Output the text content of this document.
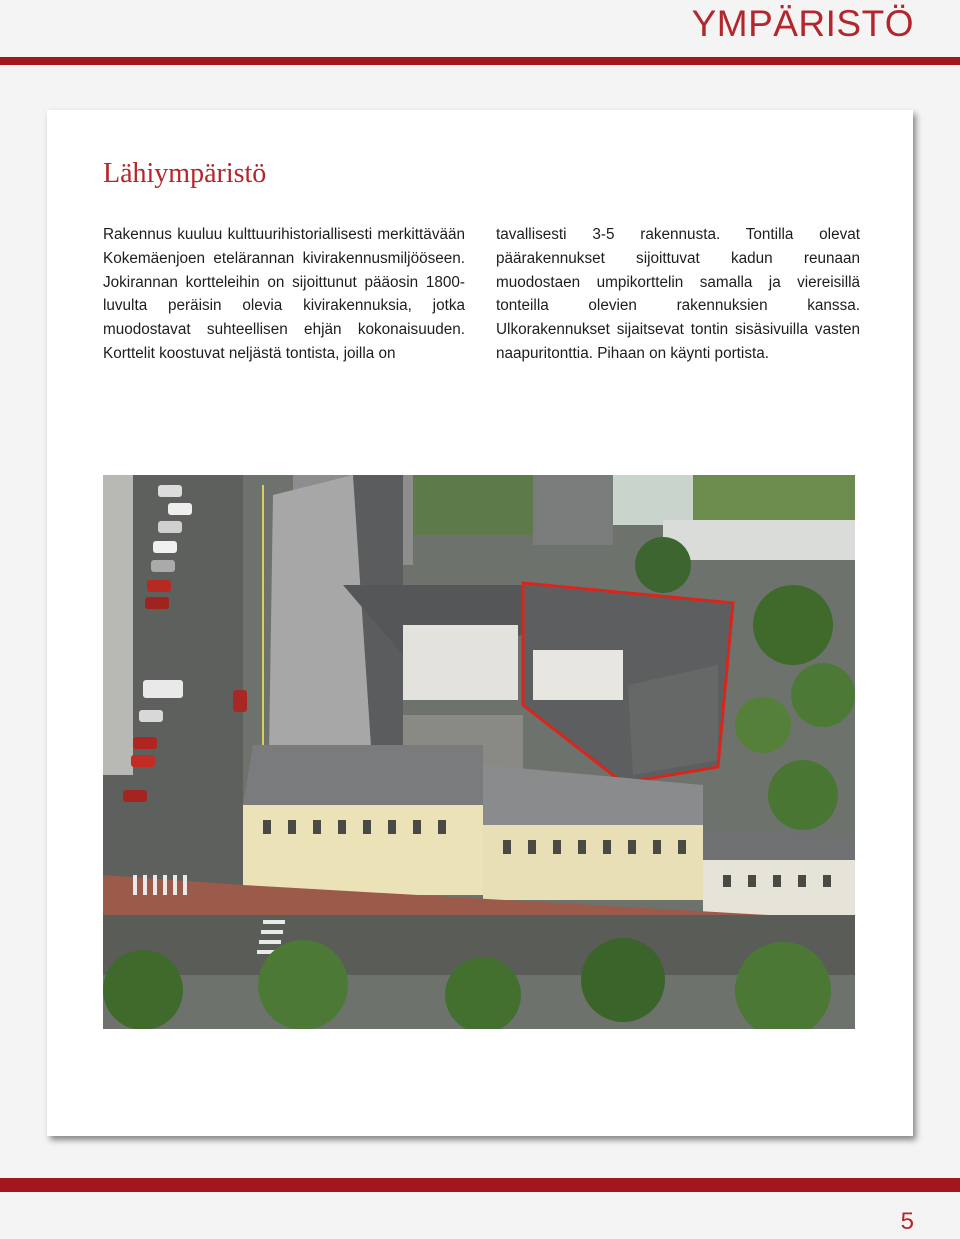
YMPÄRISTÖ
Lähiympäristö

Rakennus kuuluu kulttuurihistoriallisesti merkittävään Kokemäenjoen etelärannan kivirakennusmiljööseen. Jokirannan kortteleihin on sijoittunut pääosin 1800-luvulta peräisin olevia kivirakennuksia, jotka muodostavat suhteellisen ehjän kokonaisuuden. Korttelit koostuvat neljästä tontista, joilla on

tavallisesti 3-5 rakennusta. Tontilla olevat päärakennukset sijoittuvat kadun reunaan muodostaen umpikorttelin samalla ja viereisillä tonteilla olevien rakennuksien kanssa. Ulkorakennukset sijaitsevat tontin sisäsivuilla vasten naapuritonttia. Pihaan on käynti portista.

5
